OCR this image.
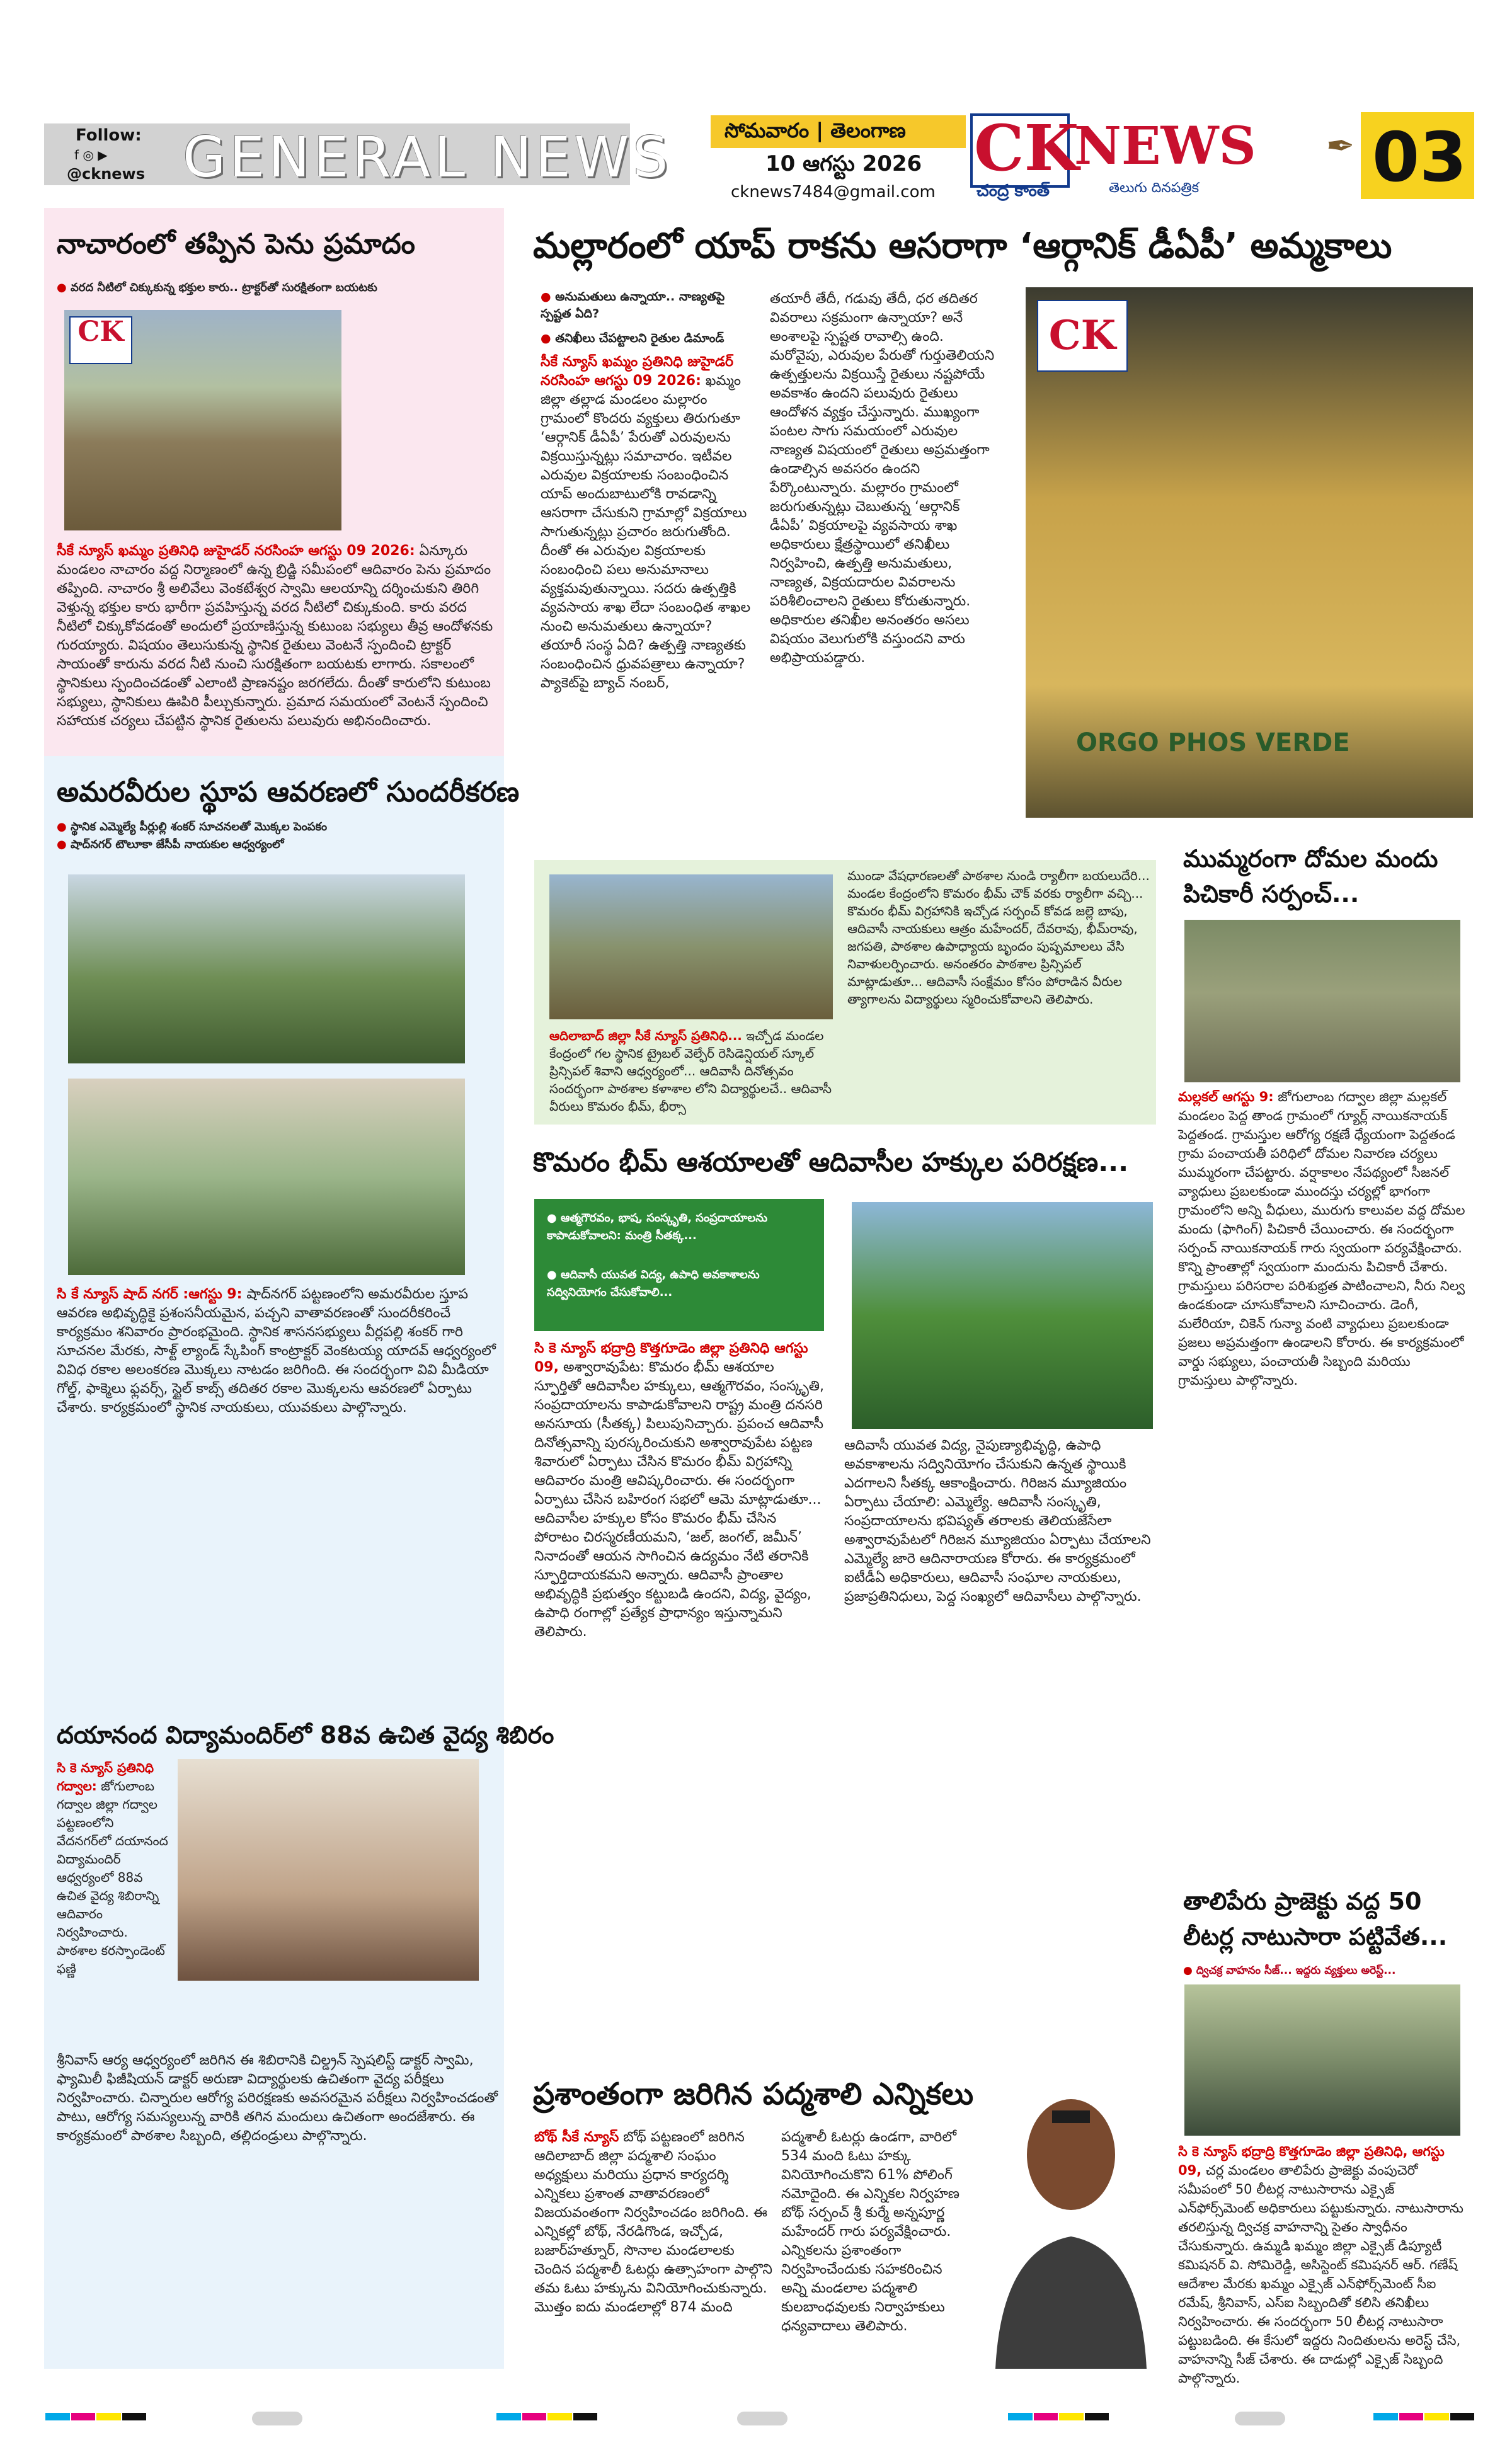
Follow:
f ◎ ▶
@cknews GENERAL NEWS	సోమవారం | తెలంగాణ
10 ఆగస్టు 2026
cknews7484@gmail.com
CK
NEWS ✒
చంద్ర కాంత్	తెలుగు దినపత్రిక	03
నాచారంలో తప్పిన పెను ప్రమాదం
● వరద నీటిలో చిక్కుకున్న భక్తుల కారు.. ట్రాక్టర్‌తో సురక్షితంగా బయటకు
CK
సీకే న్యూస్ ఖమ్మం ప్రతినిధి జుహైడర్ నరసింహ ఆగస్టు 09 2026: ఏన్కూరు మండలం నాచారం వద్ద నిర్మాణంలో ఉన్న బ్రిడ్జి సమీపంలో ఆదివారం పెను ప్రమాదం తప్పింది. నాచారం శ్రీ అలివేలు వెంకటేశ్వర స్వామి ఆలయాన్ని దర్శించుకుని తిరిగి వెళ్తున్న భక్తుల కారు భారీగా ప్రవహిస్తున్న వరద నీటిలో చిక్కుకుంది. కారు వరద నీటిలో చిక్కుకోవడంతో అందులో ప్రయాణిస్తున్న కుటుంబ సభ్యులు తీవ్ర ఆందోళనకు గురయ్యారు. విషయం తెలుసుకున్న స్థానిక రైతులు వెంటనే స్పందించి ట్రాక్టర్ సాయంతో కారును వరద నీటి నుంచి సురక్షితంగా బయటకు లాగారు. సకాలంలో స్థానికులు స్పందించడంతో ఎలాంటి ప్రాణనష్టం జరగలేదు. దీంతో కారులోని కుటుంబ సభ్యులు, స్థానికులు ఊపిరి పీల్చుకున్నారు. ప్రమాద సమయంలో వెంటనే స్పందించి సహాయక చర్యలు చేపట్టిన స్థానిక రైతులను పలువురు అభినందించారు.
అమరవీరుల స్థూప ఆవరణలో సుందరీకరణ
● స్థానిక ఎమ్మెల్యే పీర్లుల్లి శంకర్ సూచనలతో మొక్కల పెంపకం
● షాద్‌నగర్ టౌలూకా జేసీపీ నాయకుల ఆధ్వర్యంలో
సి కే న్యూస్ షాద్ నగర్ :ఆగస్టు 9: షాద్‌నగర్ పట్టణంలోని అమరవీరుల స్తూప ఆవరణ అభివృద్ధికై ప్రశంసనీయమైన, పచ్చని వాతావరణంతో సుందరీకరించే కార్యక్రమం శనివారం ప్రారంభమైంది. స్థానిక శాసనసభ్యులు వీర్లపల్లి శంకర్ గారి సూచనల మేరకు, సాళ్ట్ ల్యాండ్ స్కేపింగ్ కాంట్రాక్టర్ వెంకటయ్య యాదవ్ ఆధ్వర్యంలో వివిధ రకాల అలంకరణ మొక్కలు నాటడం జరిగింది. ఈ సందర్భంగా వివి మీడియా గోల్డ్, ఫాక్మెలు ఫ్లవర్స్, స్టైల్ కాబ్స్ తదితర రకాల మొక్కలను ఆవరణలో ఏర్పాటు చేశారు. కార్యక్రమంలో స్థానిక నాయకులు, యువకులు పాల్గొన్నారు.
దయానంద విద్యామందిర్‌లో 88వ ఉచిత వైద్య శిబిరం
సి కె న్యూస్ ప్రతినిధి గద్వాల: జోగులాంబ గద్వాల జిల్లా గద్వాల పట్టణంలోని వేదనగర్‌లో దయానంద విద్యామందిర్ ఆధ్వర్యంలో 88వ ఉచిత వైద్య శిబిరాన్ని ఆదివారం నిర్వహించారు. పాఠశాల కరస్పాండెంట్ ఫణ్ణి
శ్రీనివాస్ ఆర్య ఆధ్వర్యంలో జరిగిన ఈ శిబిరానికి చిల్డ్రన్ స్పెషలిస్ట్ డాక్టర్ స్వామి, ఫ్యామిలీ ఫిజీషియన్ డాక్టర్ అరుణా విద్యార్థులకు ఉచితంగా వైద్య పరీక్షలు నిర్వహించారు. చిన్నారుల ఆరోగ్య పరిరక్షణకు అవసరమైన పరీక్షలు నిర్వహించడంతో పాటు, ఆరోగ్య సమస్యలున్న వారికి తగిన మందులు ఉచితంగా అందజేశారు. ఈ కార్యక్రమంలో పాఠశాల సిబ్బంది, తల్లిదండ్రులు పాల్గొన్నారు.
మల్లారంలో యాప్ రాకను ఆసరాగా ‘ఆర్గానిక్ డీఏపీ’ అమ్మకాలు
● అనుమతులు ఉన్నాయా.. నాణ్యతపై స్పష్టత ఏది?
● తనిఖీలు చేపట్టాలని రైతుల డిమాండ్
సీకే న్యూస్ ఖమ్మం ప్రతినిధి జుహైడర్ నరసింహ ఆగస్టు 09 2026: ఖమ్మం జిల్లా తల్లాడ మండలం మల్లారం గ్రామంలో కొందరు వ్యక్తులు తిరుగుతూ ‘ఆర్గానిక్ డీఏపీ’ పేరుతో ఎరువులను విక్రయిస్తున్నట్లు సమాచారం. ఇటీవల ఎరువుల విక్రయాలకు సంబంధించిన యాప్ అందుబాటులోకి రావడాన్ని ఆసరాగా చేసుకుని గ్రామాల్లో విక్రయాలు సాగుతున్నట్లు ప్రచారం జరుగుతోంది. దీంతో ఈ ఎరువుల విక్రయాలకు సంబంధించి పలు అనుమానాలు వ్యక్తమవుతున్నాయి. సదరు ఉత్పత్తికి వ్యవసాయ శాఖ లేదా సంబంధిత శాఖల నుంచి అనుమతులు ఉన్నాయా? తయారీ సంస్థ ఏది? ఉత్పత్తి నాణ్యతకు సంబంధించిన ధ్రువపత్రాలు ఉన్నాయా? ప్యాకెట్‌పై బ్యాచ్ నంబర్,
తయారీ తేదీ, గడువు తేదీ, ధర తదితర వివరాలు సక్రమంగా ఉన్నాయా? అనే అంశాలపై స్పష్టత రావాల్సి ఉంది. మరోవైపు, ఎరువుల పేరుతో గుర్తుతెలియని ఉత్పత్తులను విక్రయిస్తే రైతులు నష్టపోయే అవకాశం ఉందని పలువురు రైతులు ఆందోళన వ్యక్తం చేస్తున్నారు. ముఖ్యంగా పంటల సాగు సమయంలో ఎరువుల నాణ్యత విషయంలో రైతులు అప్రమత్తంగా ఉండాల్సిన అవసరం ఉందని పేర్కొంటున్నారు. మల్లారం గ్రామంలో జరుగుతున్నట్లు చెబుతున్న ‘ఆర్గానిక్ డీఏపీ’ విక్రయాలపై వ్యవసాయ శాఖ అధికారులు క్షేత్రస్థాయిలో తనిఖీలు నిర్వహించి, ఉత్పత్తి అనుమతులు, నాణ్యత, విక్రయదారుల వివరాలను పరిశీలించాలని రైతులు కోరుతున్నారు. అధికారుల తనిఖీల అనంతరం అసలు విషయం వెలుగులోకి వస్తుందని వారు అభిప్రాయపడ్డారు.
CK
ORGO PHOS VERDE
ఆదిలాబాద్ జిల్లా సీకే న్యూస్ ప్రతినిధి... ఇచ్చోడ మండల కేంద్రంలో గల స్థానిక ట్రైబల్ వెల్ఫేర్ రెసిడెన్షియల్ స్కూల్ ప్రిన్సిపల్ శివాని ఆధ్వర్యంలో... ఆదివాసీ దినోత్సవం సందర్భంగా పాఠశాల కళాశాల లోని విద్యార్థులచే.. ఆదివాసీ వీరులు కొమరం భీమ్, భీర్సా
ముండా వేషధారణలతో పాఠశాల నుండి ర్యాలీగా బయలుదేరి... మండల కేంద్రంలోని కొమరం భీమ్ చౌక్ వరకు ర్యాలీగా వచ్చి... కొమరం భీమ్ విగ్రహానికి ఇచ్చోడ సర్పంచ్ కోవడ జల్లె బాపు, ఆదివాసీ నాయకులు ఆత్రం మహేందర్, దేవరావు, భీమ్‌రావు, జగపతి, పాఠశాల ఉపాధ్యాయ బృందం పుష్పమాలలు వేసి నివాళులర్పించారు. అనంతరం పాఠశాల ప్రిన్సిపల్ మాట్లాడుతూ... ఆదివాసీ సంక్షేమం కోసం పోరాడిన వీరుల త్యాగాలను విద్యార్థులు స్మరించుకోవాలని తెలిపారు.
కొమరం భీమ్ ఆశయాలతో ఆదివాసీల హక్కుల పరిరక్షణ...
● ఆత్మగౌరవం, భాష, సంస్కృతి, సంప్రదాయాలను కాపాడుకోవాలని: మంత్రి సీతక్క...
● ఆదివాసీ యువత విద్య, ఉపాధి అవకాశాలను సద్వినియోగం చేసుకోవాలి...
సి కె న్యూస్ భద్రాద్రి కొత్తగూడెం జిల్లా ప్రతినిధి ఆగస్టు 09, అశ్వారావుపేట: కొమరం భీమ్ ఆశయాల స్ఫూర్తితో ఆదివాసీల హక్కులు, ఆత్మగౌరవం, సంస్కృతి, సంప్రదాయాలను కాపాడుకోవాలని రాష్ట్ర మంత్రి దనసరి అనసూయ (సీతక్క) పిలుపునిచ్చారు. ప్రపంచ ఆదివాసీ దినోత్సవాన్ని పురస్కరించుకుని అశ్వారావుపేట పట్టణ శివారులో ఏర్పాటు చేసిన కొమరం భీమ్ విగ్రహాన్ని ఆదివారం మంత్రి ఆవిష్కరించారు. ఈ సందర్భంగా ఏర్పాటు చేసిన బహిరంగ సభలో ఆమె మాట్లాడుతూ... ఆదివాసీల హక్కుల కోసం కొమరం భీమ్ చేసిన పోరాటం చిరస్మరణీయమని, ‘జల్, జంగల్, జమీన్’ నినాదంతో ఆయన సాగించిన ఉద్యమం నేటి తరానికి స్ఫూర్తిదాయకమని అన్నారు. ఆదివాసీ ప్రాంతాల అభివృద్ధికి ప్రభుత్వం కట్టుబడి ఉందని, విద్య, వైద్యం, ఉపాధి రంగాల్లో ప్రత్యేక ప్రాధాన్యం ఇస్తున్నామని తెలిపారు.
ఆదివాసీ యువత విద్య, నైపుణ్యాభివృద్ధి, ఉపాధి అవకాశాలను సద్వినియోగం చేసుకుని ఉన్నత స్థాయికి ఎదగాలని సీతక్క ఆకాంక్షించారు. గిరిజన మ్యూజియం ఏర్పాటు చేయాలి: ఎమ్మెల్యే. ఆదివాసీ సంస్కృతి, సంప్రదాయాలను భవిష్యత్ తరాలకు తెలియజేసేలా అశ్వారావుపేటలో గిరిజన మ్యూజియం ఏర్పాటు చేయాలని ఎమ్మెల్యే జారె ఆదినారాయణ కోరారు. ఈ కార్యక్రమంలో ఐటీడీఏ అధికారులు, ఆదివాసీ సంఘాల నాయకులు, ప్రజాప్రతినిధులు, పెద్ద సంఖ్యలో ఆదివాసీలు పాల్గొన్నారు.
ప్రశాంతంగా జరిగిన పద్మశాలి ఎన్నికలు
బోథ్ సీకే న్యూస్ బోథ్ పట్టణంలో జరిగిన ఆదిలాబాద్ జిల్లా పద్మశాలి సంఘం అధ్యక్షులు మరియు ప్రధాన కార్యదర్శి ఎన్నికలు ప్రశాంత వాతావరణంలో విజయవంతంగా నిర్వహించడం జరిగింది. ఈ ఎన్నికల్లో బోథ్, నేరడిగొండ, ఇచ్చోడ, బజార్‌హత్నూర్, సొనాల మండలాలకు చెందిన పద్మశాలీ ఓటర్లు ఉత్సాహంగా పాల్గొని తమ ఓటు హక్కును వినియోగించుకున్నారు. మొత్తం ఐదు మండలాల్లో 874 మంది
పద్మశాలీ ఓటర్లు ఉండగా, వారిలో 534 మంది ఓటు హక్కు వినియోగించుకొని 61% పోలింగ్ నమోదైంది. ఈ ఎన్నికల నిర్వహణ బోథ్ సర్పంచ్ శ్రీ కుర్మే అన్నపూర్ణ మహేందర్ గారు పర్యవేక్షించారు. ఎన్నికలను ప్రశాంతంగా నిర్వహించేందుకు సహకరించిన అన్ని మండలాల పద్మశాలి కులబాంధవులకు నిర్వాహకులు ధన్యవాదాలు తెలిపారు.
ముమ్మరంగా దోమల మందు పిచికారీ సర్పంచ్...
మల్లకల్ ఆగస్టు 9: జోగులాంబ గద్వాల జిల్లా మల్లకల్ మండలం పెద్ద తాండ గ్రామంలో గ్యూర్ల్ నాయికనాయక్ పెద్దతండ. గ్రామస్తుల ఆరోగ్య రక్షణే ధ్యేయంగా పెద్దతండ గ్రామ పంచాయతీ పరిధిలో దోమల నివారణ చర్యలు ముమ్మరంగా చేపట్టారు. వర్షాకాలం నేపథ్యంలో సీజనల్ వ్యాధులు ప్రబలకుండా ముందస్తు చర్యల్లో భాగంగా గ్రామంలోని అన్ని వీధులు, మురుగు కాలువల వద్ద దోమల మందు (ఫాగింగ్) పిచికారీ చేయించారు. ఈ సందర్భంగా సర్పంచ్ నాయికనాయక్ గారు స్వయంగా పర్యవేక్షించారు. కొన్ని ప్రాంతాల్లో స్వయంగా మందును పిచికారీ చేశారు. గ్రామస్తులు పరిసరాల పరిశుభ్రత పాటించాలని, నీరు నిల్వ ఉండకుండా చూసుకోవాలని సూచించారు. డెంగీ, మలేరియా, చికెన్ గున్యా వంటి వ్యాధులు ప్రబలకుండా ప్రజలు అప్రమత్తంగా ఉండాలని కోరారు. ఈ కార్యక్రమంలో వార్డు సభ్యులు, పంచాయతీ సిబ్బంది మరియు గ్రామస్తులు పాల్గొన్నారు.
తాలిపేరు ప్రాజెక్టు వద్ద 50 లీటర్ల నాటుసారా పట్టివేత...
● ద్విచక్ర వాహనం సీజ్... ఇద్దరు వ్యక్తులు అరెస్ట్...
సి కె న్యూస్ భద్రాద్రి కొత్తగూడెం జిల్లా ప్రతినిధి, ఆగస్టు 09, చర్ల మండలం తాలిపేరు ప్రాజెక్టు వంపుచెరో సమీపంలో 50 లీటర్ల నాటుసారాను ఎక్సైజ్ ఎన్‌ఫోర్స్‌మెంట్ అధికారులు పట్టుకున్నారు. నాటుసారాను తరలిస్తున్న ద్విచక్ర వాహనాన్ని సైతం స్వాధీనం చేసుకున్నారు. ఉమ్మడి ఖమ్మం జిల్లా ఎక్సైజ్ డిప్యూటీ కమిషనర్ వి. సోమిరెడ్డి, అసిస్టెంట్ కమిషనర్ ఆర్. గణేష్ ఆదేశాల మేరకు ఖమ్మం ఎక్సైజ్ ఎన్‌ఫోర్స్‌మెంట్ సీఐ రమేష్, శ్రీనివాస్, ఎస్ఐ సిబ్బందితో కలిసి తనిఖీలు నిర్వహించారు. ఈ సందర్భంగా 50 లీటర్ల నాటుసారా పట్టుబడింది. ఈ కేసులో ఇద్దరు నిందితులను అరెస్ట్ చేసి, వాహనాన్ని సీజ్ చేశారు. ఈ దాడుల్లో ఎక్సైజ్ సిబ్బంది పాల్గొన్నారు.
